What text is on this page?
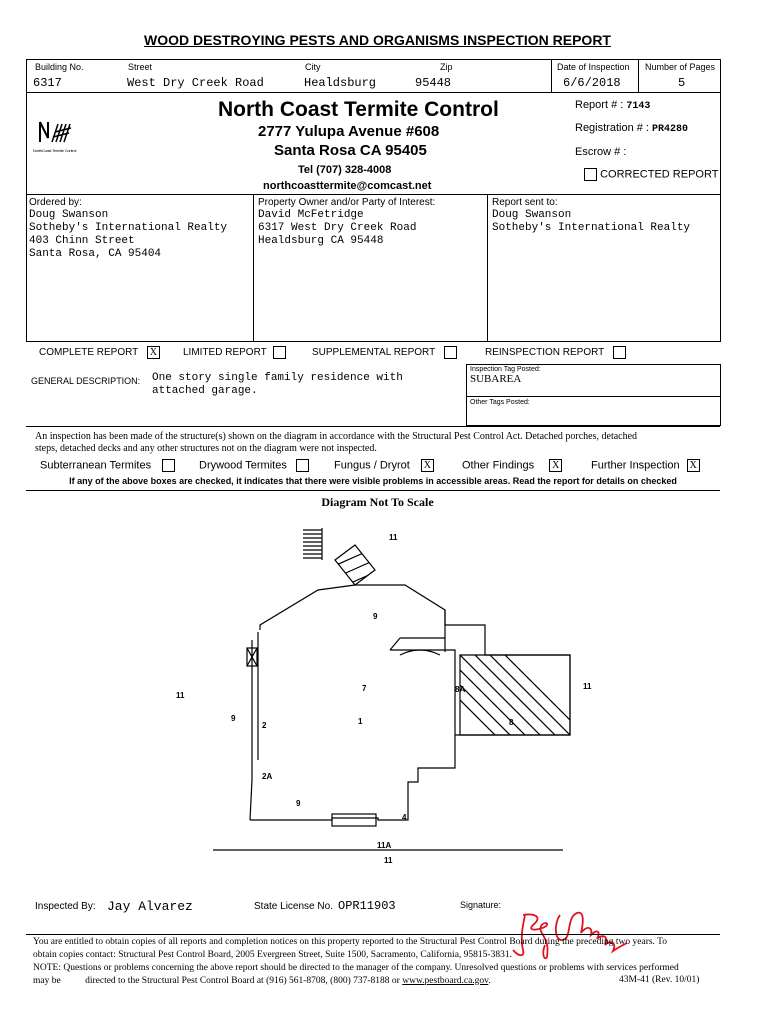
WOOD DESTROYING PESTS AND ORGANISMS INSPECTION REPORT
Building No.
6317
Street
West Dry Creek Road
City
Healdsburg
Zip
95448
Date of Inspection
6/6/2018
Number of Pages
5
NorthCoast Termite Control
North Coast Termite Control
2777 Yulupa Avenue #608
Santa Rosa CA 95405
Tel (707) 328-4008
northcoasttermite@comcast.net
Report # : 7143
Registration # : PR4280
Escrow # :
CORRECTED REPORT
Ordered by:
Doug Swanson
Sotheby's International Realty
403 Chinn Street
Santa Rosa, CA 95404
Property Owner and/or Party of Interest:
David McFetridge
6317 West Dry Creek Road
Healdsburg CA 95448
Report sent to:
Doug Swanson
Sotheby's International Realty
COMPLETE REPORT X	LIMITED REPORT	SUPPLEMENTAL REPORT	REINSPECTION REPORT
GENERAL DESCRIPTION: One story single family residence with
attached garage.
Inspection Tag Posted:
SUBAREA
Other Tags Posted:
An inspection has been made of the structure(s) shown on the diagram in accordance with the Structural Pest Control Act. Detached porches, detached
steps, detached decks and any other structures not on the diagram were not inspected.
Subterranean Termites	Drywood Termites	Fungus / Dryrot X	Other Findings X	Further Inspection X
If any of the above boxes are checked, it indicates that there were visible problems in accessible areas. Read the report for details on checked
Diagram Not To Scale
11
9
11
11
7	8A
1
2
9	8
2A
9
4
11A
11
Inspected By: Jay Alvarez	State License No. OPR11903	Signature:
You are entitled to obtain copies of all reports and completion notices on this property reported to the Structural Pest Control Board during the preceding two years. To
obtain copies contact: Structural Pest Control Board, 2005 Evergreen Street, Suite 1500, Sacramento, California, 95815-3831.
NOTE: Questions or problems concerning the above report should be directed to the manager of the company. Unresolved questions or problems with services performed
may be	directed to the Structural Pest Control Board at (916) 561-8708, (800) 737-8188 or www.pestboard.ca.gov.	43M-41 (Rev. 10/01)
